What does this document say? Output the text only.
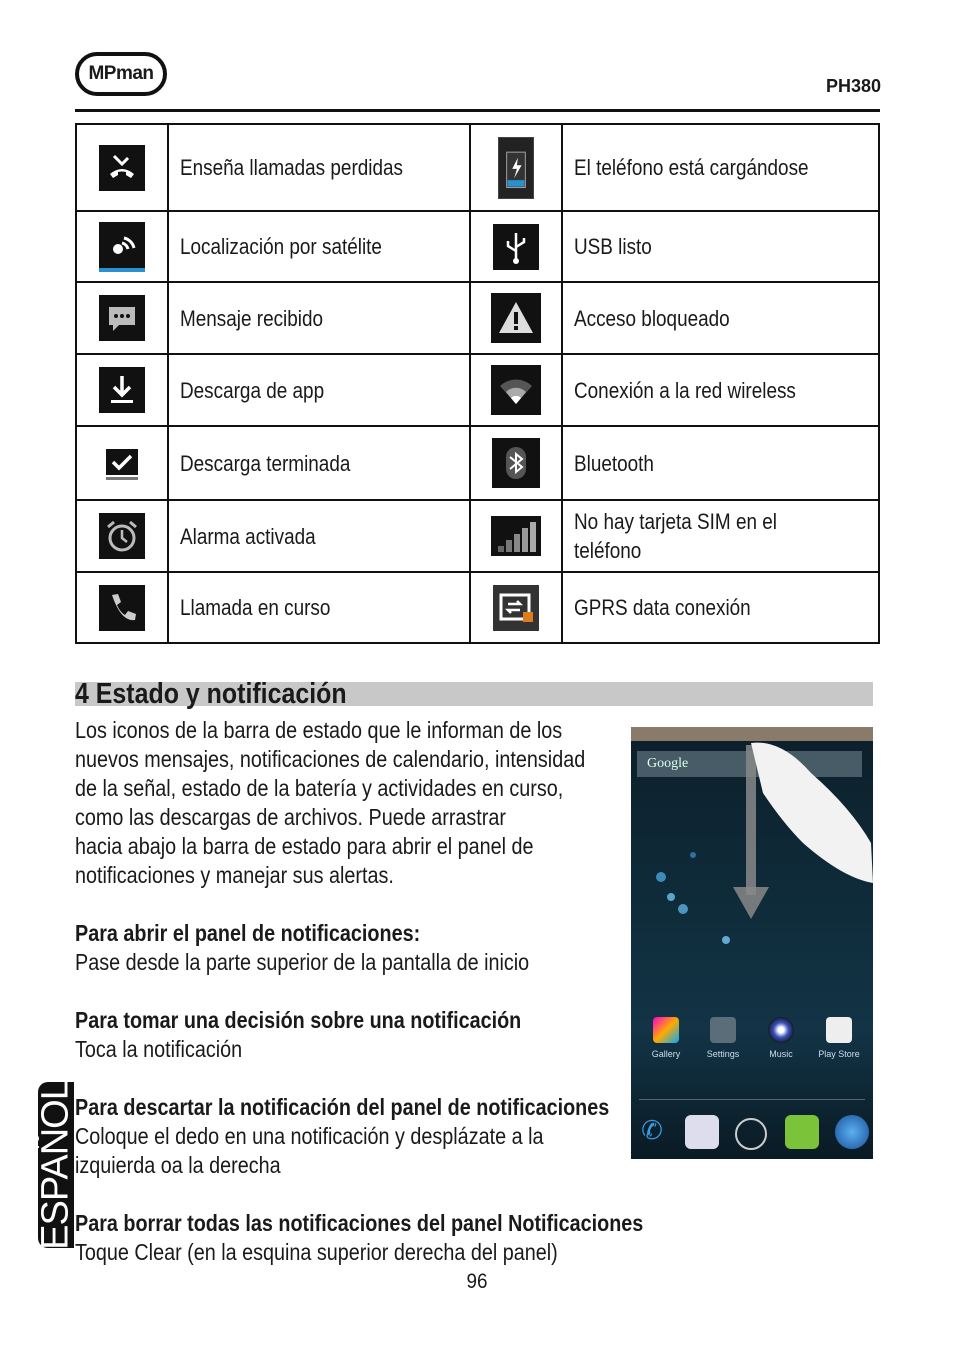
MPman
PH380
	Enseña llamadas perdidas		El teléfono está cargándose

	Localización por satélite		USB listo

	Mensaje recibido		Acceso bloqueado

	Descarga de app		Conexión a la red wireless

	Descarga terminada		Bluetooth

	Alarma activada		No hay tarjeta SIM en el teléfono

	Llamada en curso		GPRS data conexión
4 Estado y notificación
Los iconos de la barra de estado que le informan de los
nuevos mensajes, notificaciones de calendario, intensidad
de la señal, estado de la batería y actividades en curso,
como las descargas de archivos. Puede arrastrar
hacia abajo la barra de estado para abrir el panel de
notificaciones y manejar sus alertas.
Para abrir el panel de notificaciones:
Pase desde la parte superior de la pantalla de inicio
Para tomar una decisión sobre una notificación
Toca la notificación
Para descartar la notificación del panel de notificaciones
Coloque el dedo en una notificación y desplázate a la
izquierda oa la derecha
Para borrar todas las notificaciones del panel Notificaciones
Toque Clear (en la esquina superior derecha del panel)
ESPAÑOL
96
Google
Gallery	Settings	Music	Play Store
✆
